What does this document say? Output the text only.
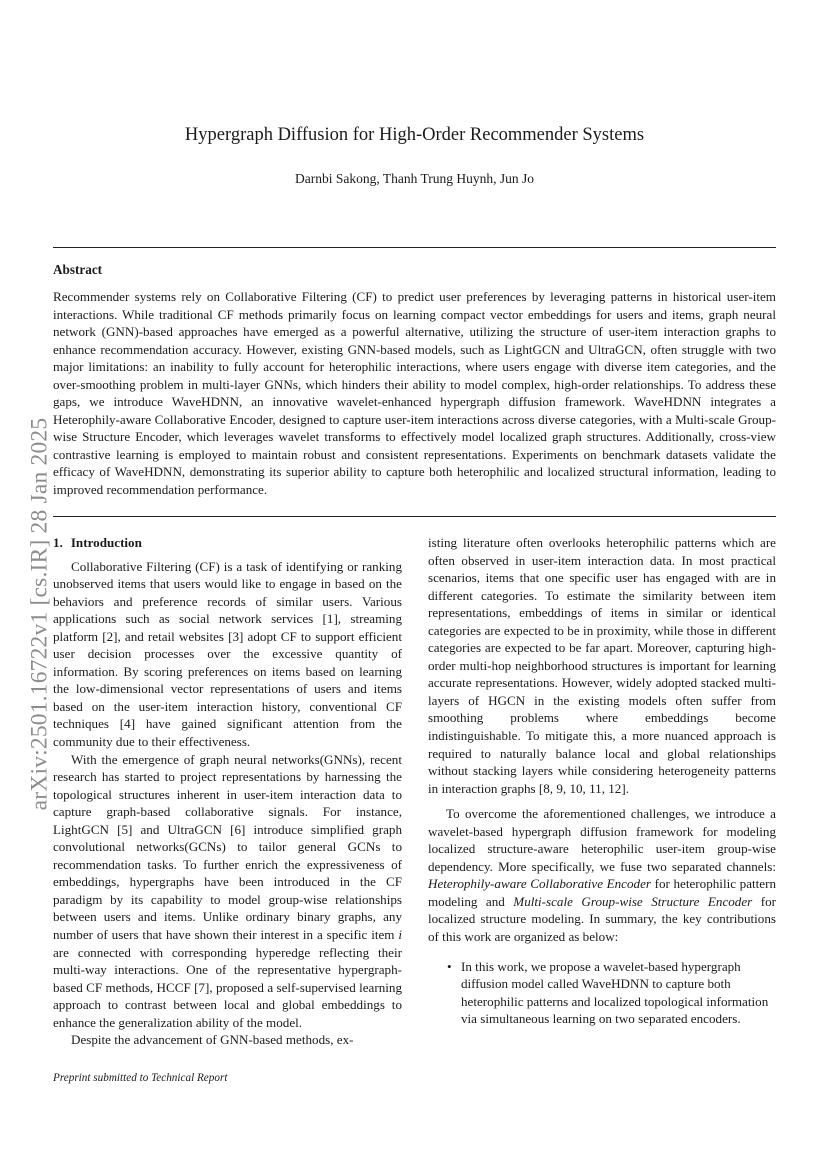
arXiv:2501.16722v1 [cs.IR] 28 Jan 2025
Hypergraph Diffusion for High-Order Recommender Systems
Darnbi Sakong, Thanh Trung Huynh, Jun Jo
Abstract
Recommender systems rely on Collaborative Filtering (CF) to predict user preferences by leveraging patterns in historical user-item interactions. While traditional CF methods primarily focus on learning compact vector embeddings for users and items, graph neural network (GNN)-based approaches have emerged as a powerful alternative, utilizing the structure of user-item interaction graphs to enhance recommendation accuracy. However, existing GNN-based models, such as LightGCN and UltraGCN, often struggle with two major limitations: an inability to fully account for heterophilic interactions, where users engage with diverse item categories, and the over-smoothing problem in multi-layer GNNs, which hinders their ability to model complex, high-order relationships. To address these gaps, we introduce WaveHDNN, an innovative wavelet-enhanced hypergraph diffusion framework. WaveHDNN integrates a Heterophily-aware Collaborative Encoder, designed to capture user-item interactions across diverse categories, with a Multi-scale Group-wise Structure Encoder, which leverages wavelet transforms to effectively model localized graph structures. Additionally, cross-view contrastive learning is employed to maintain robust and consistent representations. Experiments on benchmark datasets validate the efficacy of WaveHDNN, demonstrating its superior ability to capture both heterophilic and localized structural information, leading to improved recommendation performance.
1. Introduction

Collaborative Filtering (CF) is a task of identifying or ranking unobserved items that users would like to engage in based on the behaviors and preference records of similar users. Various applications such as social network services [1], streaming platform [2], and retail websites [3] adopt CF to support efficient user decision processes over the excessive quantity of information. By scoring preferences on items based on learning the low-dimensional vector representations of users and items based on the user-item interaction history, conventional CF techniques [4] have gained significant attention from the community due to their effectiveness.

With the emergence of graph neural networks(GNNs), recent research has started to project representations by harnessing the topological structures inherent in user-item interaction data to capture graph-based collaborative signals. For instance, LightGCN [5] and UltraGCN [6] introduce simplified graph convolutional networks(GCNs) to tailor general GCNs to recommendation tasks. To further enrich the expressiveness of embeddings, hypergraphs have been introduced in the CF paradigm by its capability to model group-wise relationships between users and items. Unlike ordinary binary graphs, any number of users that have shown their interest in a specific item i are connected with corresponding hyperedge reflecting their multi-way interactions. One of the representative hypergraph-based CF methods, HCCF [7], proposed a self-supervised learning approach to contrast between local and global embeddings to enhance the generalization ability of the model.

Despite the advancement of GNN-based methods, ex-

isting literature often overlooks heterophilic patterns which are often observed in user-item interaction data. In most practical scenarios, items that one specific user has engaged with are in different categories. To estimate the similarity between item representations, embeddings of items in similar or identical categories are expected to be in proximity, while those in different categories are expected to be far apart. Moreover, capturing high-order multi-hop neighborhood structures is important for learning accurate representations. However, widely adopted stacked multi-layers of HGCN in the existing models often suffer from smoothing problems where embeddings become indistinguishable. To mitigate this, a more nuanced approach is required to naturally balance local and global relationships without stacking layers while considering heterogeneity patterns in interaction graphs [8, 9, 10, 11, 12].

To overcome the aforementioned challenges, we introduce a wavelet-based hypergraph diffusion framework for modeling localized structure-aware heterophilic user-item group-wise dependency. More specifically, we fuse two separated channels: Heterophily-aware Collaborative Encoder for heterophilic pattern modeling and Multi-scale Group-wise Structure Encoder for localized structure modeling. In summary, the key contributions of this work are organized as below:

• In this work, we propose a wavelet-based hypergraph diffusion model called WaveHDNN to capture both heterophilic patterns and localized topological information via simultaneous learning on two separated encoders.
Preprint submitted to Technical Report
